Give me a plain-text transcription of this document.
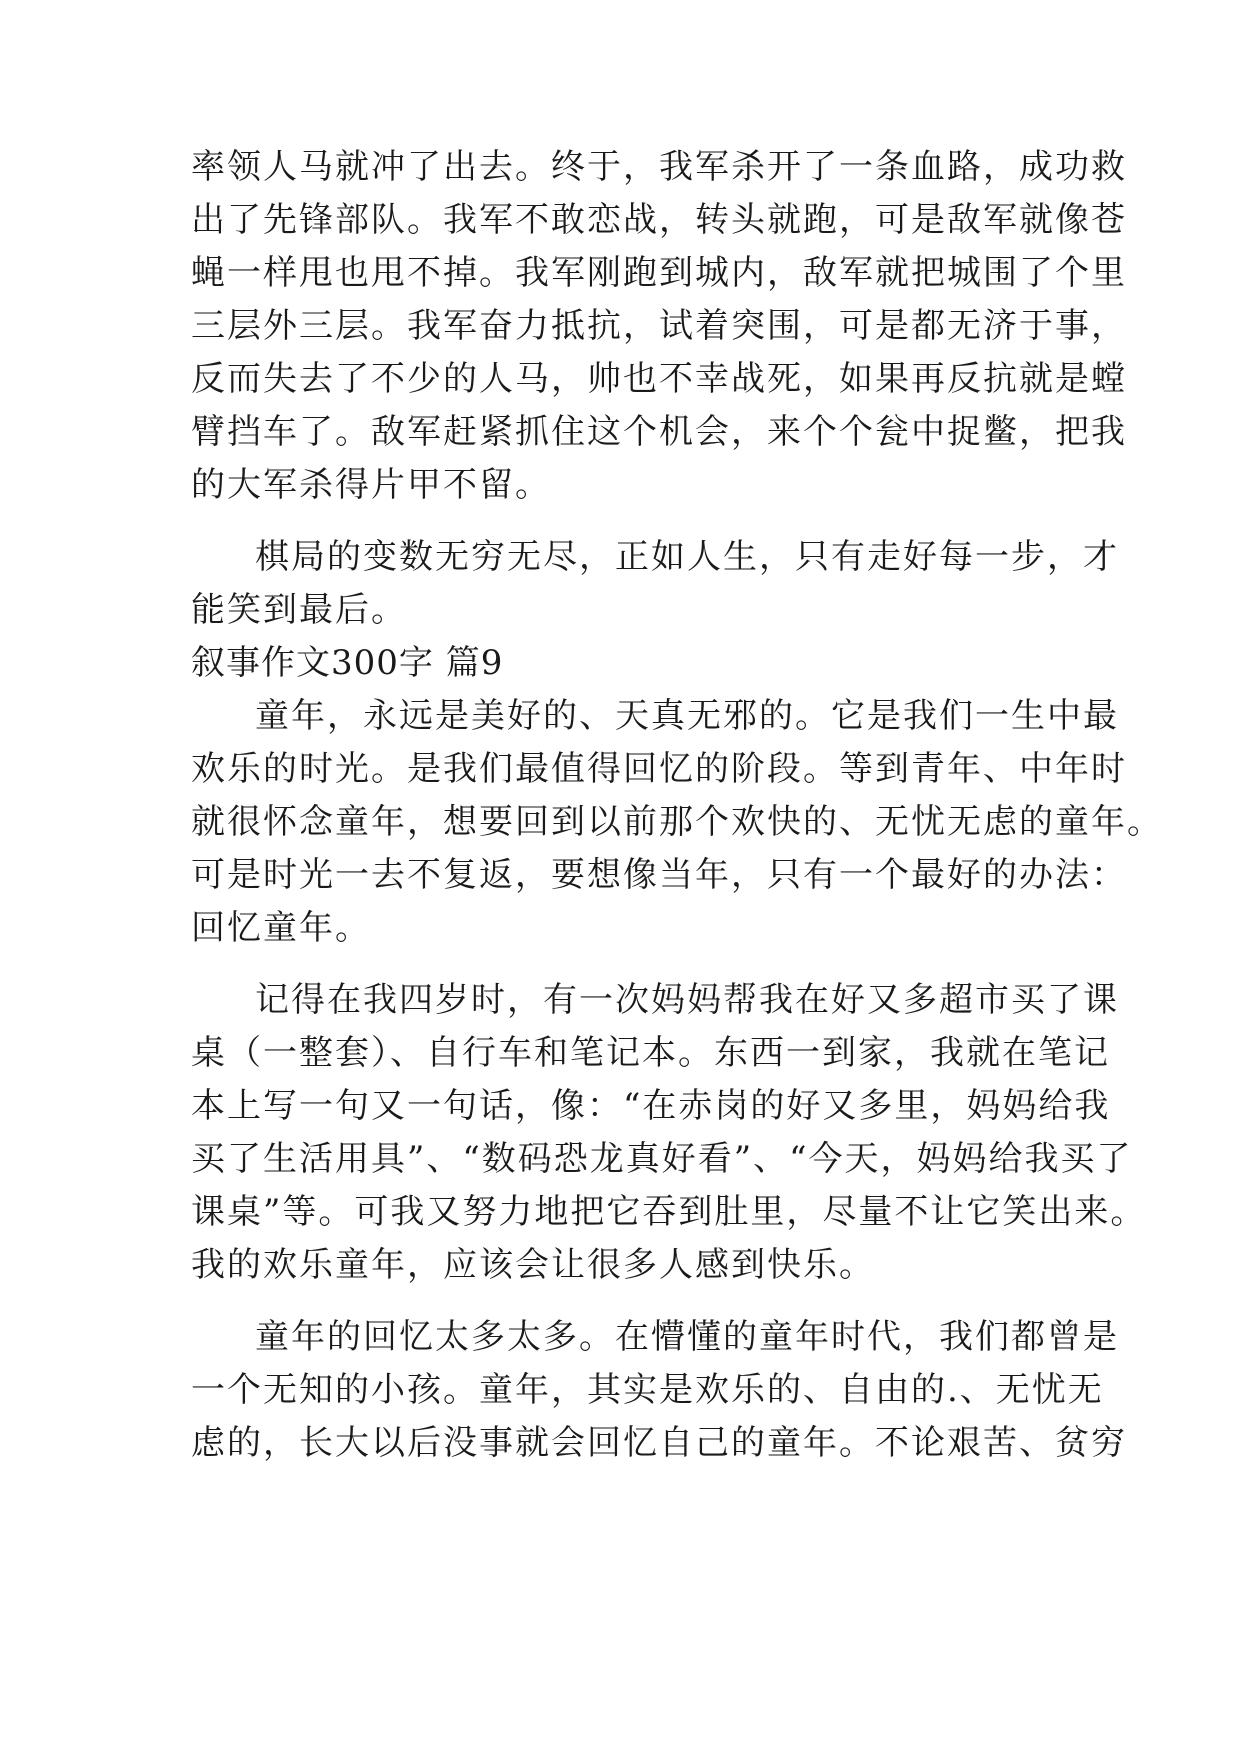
率领人马就冲了出去。终于，我军杀开了一条血路，成功救
出了先锋部队。我军不敢恋战，转头就跑，可是敌军就像苍
蝇一样甩也甩不掉。我军刚跑到城内，敌军就把城围了个里
三层外三层。我军奋力抵抗，试着突围，可是都无济于事，
反而失去了不少的人马，帅也不幸战死，如果再反抗就是螳
臂挡车了。敌军赶紧抓住这个机会，来个个瓮中捉鳖，把我
的大军杀得片甲不留。
棋局的变数无穷无尽，正如人生，只有走好每一步，才
能笑到最后。
叙事作文300字 篇9
童年，永远是美好的、天真无邪的。它是我们一生中最
欢乐的时光。是我们最值得回忆的阶段。等到青年、中年时
就很怀念童年，想要回到以前那个欢快的、无忧无虑的童年。
可是时光一去不复返，要想像当年，只有一个最好的办法：
回忆童年。
记得在我四岁时，有一次妈妈帮我在好又多超市买了课
桌（一整套）、自行车和笔记本。东西一到家，我就在笔记
本上写一句又一句话，像：“在赤岗的好又多里，妈妈给我
买了生活用具”、“数码恐龙真好看”、“今天，妈妈给我买了
课桌”等。可我又努力地把它吞到肚里，尽量不让它笑出来。
我的欢乐童年，应该会让很多人感到快乐。
童年的回忆太多太多。在懵懂的童年时代，我们都曾是
一个无知的小孩。童年，其实是欢乐的、自由的.、无忧无
虑的，长大以后没事就会回忆自己的童年。不论艰苦、贫穷
